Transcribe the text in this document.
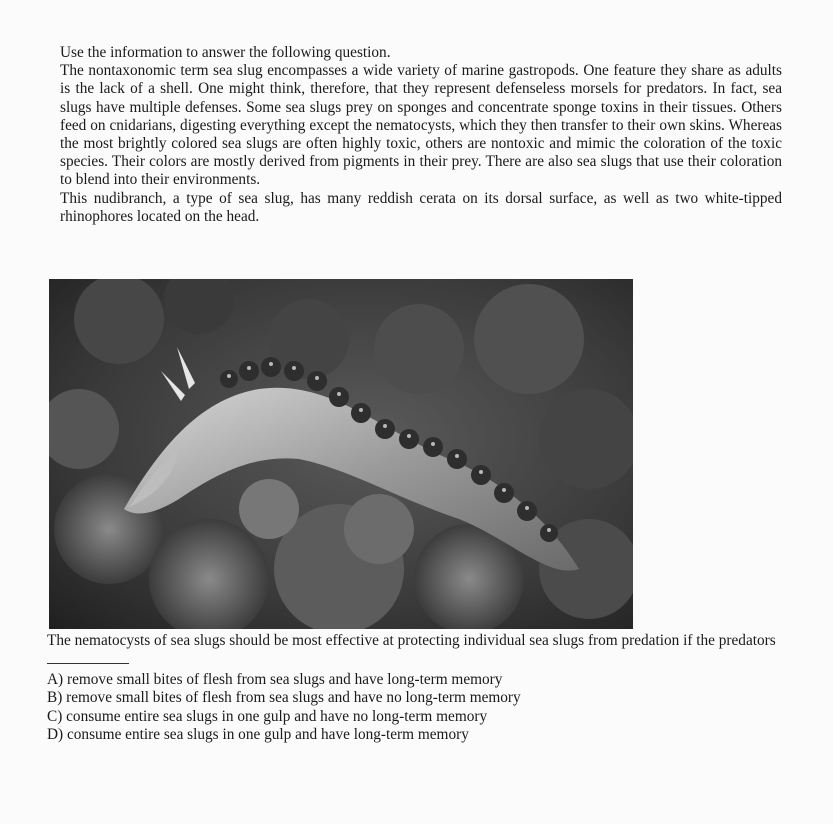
Use the information to answer the following question.

The nontaxonomic term sea slug encompasses a wide variety of marine gastropods. One feature they share as adults is the lack of a shell. One might think, therefore, that they represent defenseless morsels for predators. In fact, sea slugs have multiple defenses. Some sea slugs prey on sponges and concentrate sponge toxins in their tissues. Others feed on cnidarians, digesting everything except the nematocysts, which they then transfer to their own skins. Whereas the most brightly colored sea slugs are often highly toxic, others are nontoxic and mimic the coloration of the toxic species. Their colors are mostly derived from pigments in their prey. There are also sea slugs that use their coloration to blend into their environments.

This nudibranch, a type of sea slug, has many reddish cerata on its dorsal surface, as well as two white-tipped rhinophores located on the head.

The nematocysts of sea slugs should be most effective at protecting individual sea slugs from predation if the predators

A) remove small bites of flesh from sea slugs and have long-term memory
B) remove small bites of flesh from sea slugs and have no long-term memory
C) consume entire sea slugs in one gulp and have no long-term memory
D) consume entire sea slugs in one gulp and have long-term memory
